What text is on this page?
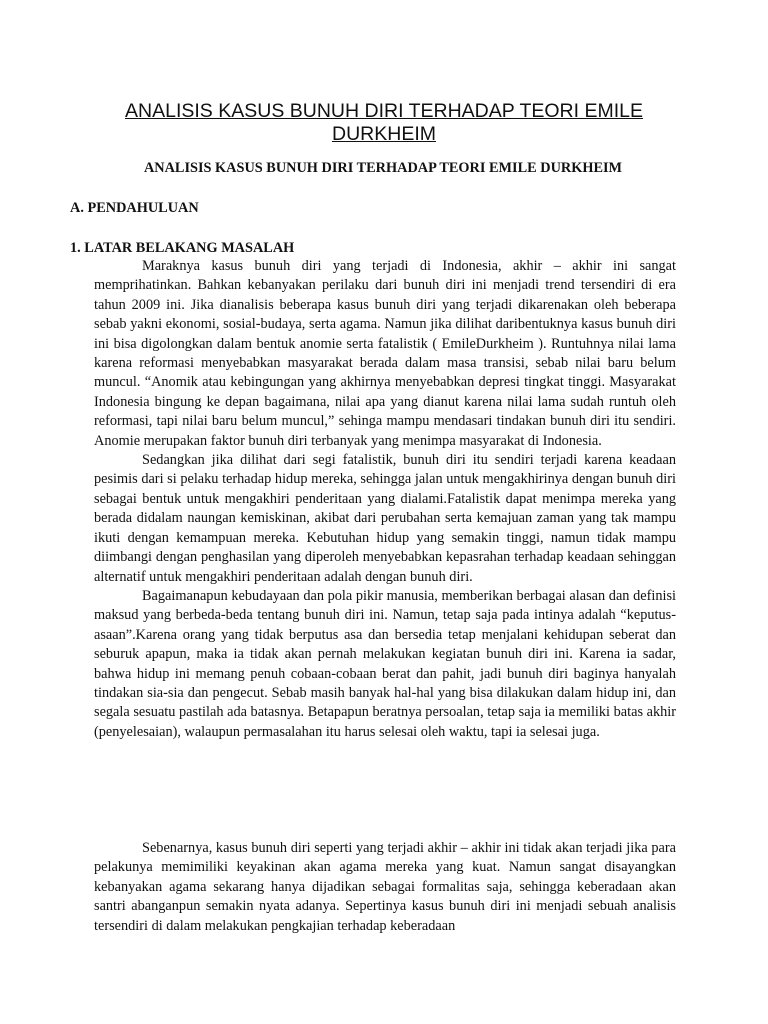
ANALISIS KASUS BUNUH DIRI TERHADAP TEORI EMILE DURKHEIM
ANALISIS KASUS BUNUH DIRI TERHADAP TEORI EMILE DURKHEIM
A. PENDAHULUAN
1. LATAR BELAKANG MASALAH

Maraknya kasus bunuh diri yang terjadi di Indonesia, akhir – akhir ini sangat memprihatinkan. Bahkan kebanyakan perilaku dari bunuh diri ini menjadi trend tersendiri di era tahun 2009 ini. Jika dianalisis beberapa kasus bunuh diri yang terjadi dikarenakan oleh beberapa sebab yakni ekonomi, sosial-budaya, serta agama. Namun jika dilihat daribentuknya kasus bunuh diri ini bisa digolongkan dalam bentuk anomie serta fatalistik ( EmileDurkheim ). Runtuhnya nilai lama karena reformasi menyebabkan masyarakat berada dalam masa transisi, sebab nilai baru belum muncul. “Anomik atau kebingungan yang akhirnya menyebabkan depresi tingkat tinggi. Masyarakat Indonesia bingung ke depan bagaimana, nilai apa yang dianut karena nilai lama sudah runtuh oleh reformasi, tapi nilai baru belum muncul,” sehinga mampu mendasari tindakan bunuh diri itu sendiri. Anomie merupakan faktor bunuh diri terbanyak yang menimpa masyarakat di Indonesia.

Sedangkan jika dilihat dari segi fatalistik, bunuh diri itu sendiri terjadi karena keadaan pesimis dari si pelaku terhadap hidup mereka, sehingga jalan untuk mengakhirinya dengan bunuh diri sebagai bentuk untuk mengakhiri penderitaan yang dialami.Fatalistik dapat menimpa mereka yang berada didalam naungan kemiskinan, akibat dari perubahan serta kemajuan zaman yang tak mampu ikuti dengan kemampuan mereka. Kebutuhan hidup yang semakin tinggi, namun tidak mampu diimbangi dengan penghasilan yang diperoleh menyebabkan kepasrahan terhadap keadaan sehinggan alternatif untuk mengakhiri penderitaan adalah dengan bunuh diri.

Bagaimanapun kebudayaan dan pola pikir manusia, memberikan berbagai alasan dan definisi maksud yang berbeda-beda tentang bunuh diri ini. Namun, tetap saja pada intinya adalah “keputus-asaan”.Karena orang yang tidak berputus asa dan bersedia tetap menjalani kehidupan seberat dan seburuk apapun, maka ia tidak akan pernah melakukan kegiatan bunuh diri ini. Karena ia sadar, bahwa hidup ini memang penuh cobaan-cobaan berat dan pahit, jadi bunuh diri baginya hanyalah tindakan sia-sia dan pengecut. Sebab masih banyak hal-hal yang bisa dilakukan dalam hidup ini, dan segala sesuatu pastilah ada batasnya. Betapapun beratnya persoalan, tetap saja ia memiliki batas akhir (penyelesaian), walaupun permasalahan itu harus selesai oleh waktu, tapi ia selesai juga.

Sebenarnya, kasus bunuh diri seperti yang terjadi akhir – akhir ini tidak akan terjadi jika para pelakunya memimiliki keyakinan akan agama mereka yang kuat. Namun sangat disayangkan kebanyakan agama sekarang hanya dijadikan sebagai formalitas saja, sehingga keberadaan akan santri abanganpun semakin nyata adanya. Sepertinya kasus bunuh diri ini menjadi sebuah analisis tersendiri di dalam melakukan pengkajian terhadap keberadaan
